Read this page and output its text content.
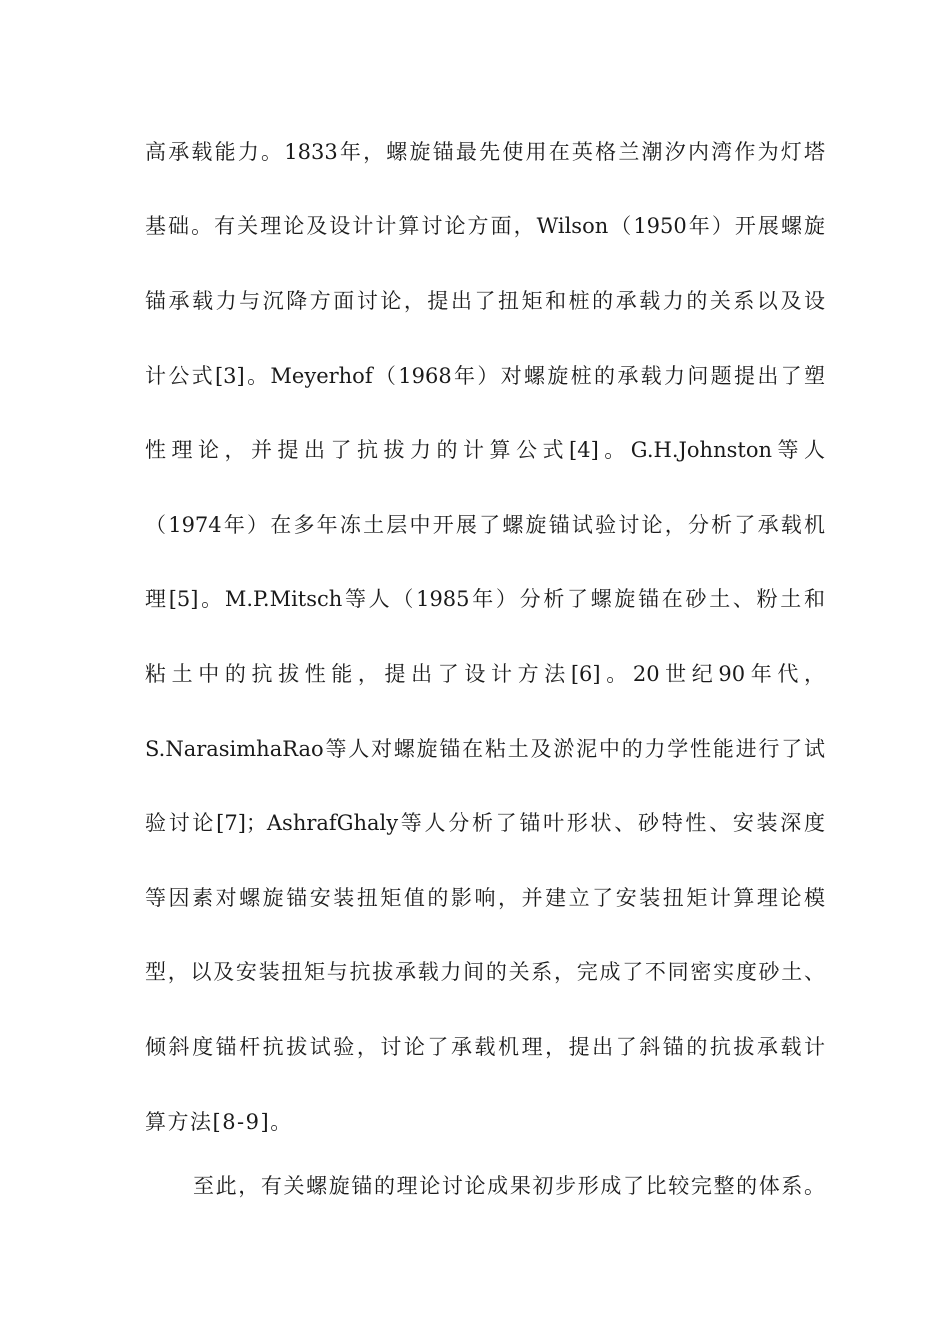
高承载能力。1833年，螺旋锚最先使用在英格兰潮汐内湾作为灯塔
基础。有关理论及设计计算讨论方面，Wilson（1950年）开展螺旋
锚承载力与沉降方面讨论，提出了扭矩和桩的承载力的关系以及设
计公式[3]。Meyerhof（1968年）对螺旋桩的承载力问题提出了塑
性理论，并提出了抗拔力的计算公式[4]。G.H.Johnston等人
（1974年）在多年冻土层中开展了螺旋锚试验讨论，分析了承载机
理[5]。M.P.Mitsch等人（1985年）分析了螺旋锚在砂土、粉土和
粘土中的抗拔性能，提出了设计方法[6]。20世纪90年代，
S.NarasimhaRao等人对螺旋锚在粘土及淤泥中的力学性能进行了试
验讨论[7]；AshrafGhaly等人分析了锚叶形状、砂特性、安装深度
等因素对螺旋锚安装扭矩值的影响，并建立了安装扭矩计算理论模
型，以及安装扭矩与抗拔承载力间的关系，完成了不同密实度砂土、
倾斜度锚杆抗拔试验，讨论了承载机理，提出了斜锚的抗拔承载计
算方法[8-9]。
至此，有关螺旋锚的理论讨论成果初步形成了比较完整的体系。
